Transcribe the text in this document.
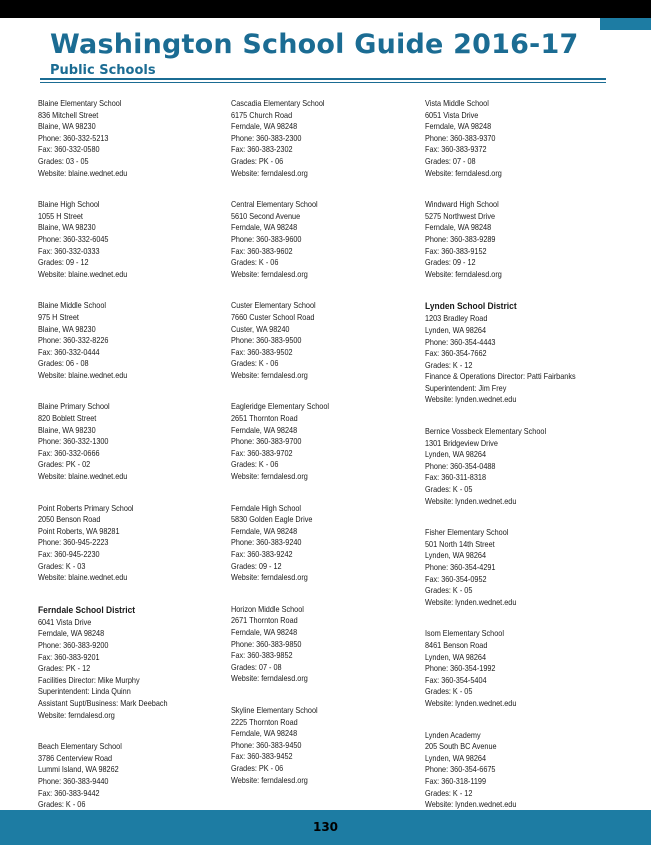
Washington School Guide 2016-17
Public Schools
Blaine Elementary School
836 Mitchell Street
Blaine, WA 98230
Phone: 360-332-5213
Fax: 360-332-0580
Grades: 03 - 05
Website: blaine.wednet.edu
Blaine High School
1055 H Street
Blaine, WA 98230
Phone: 360-332-6045
Fax: 360-332-0333
Grades: 09 - 12
Website: blaine.wednet.edu
Blaine Middle School
975 H Street
Blaine, WA 98230
Phone: 360-332-8226
Fax: 360-332-0444
Grades: 06 - 08
Website: blaine.wednet.edu
Blaine Primary School
820 Boblett Street
Blaine, WA 98230
Phone: 360-332-1300
Fax: 360-332-0666
Grades: PK - 02
Website: blaine.wednet.edu
Point Roberts Primary School
2050 Benson Road
Point Roberts, WA 98281
Phone: 360-945-2223
Fax: 360-945-2230
Grades: K - 03
Website: blaine.wednet.edu
Ferndale School District
6041 Vista Drive
Ferndale, WA 98248
Phone: 360-383-9200
Fax: 360-383-9201
Grades: PK - 12
Facilities Director: Mike Murphy
Superintendent: Linda Quinn
Assistant Supt/Business: Mark Deebach
Website: ferndalesd.org
Beach Elementary School
3786 Centerview Road
Lummi Island, WA 98262
Phone: 360-383-9440
Fax: 360-383-9442
Grades: K - 06
Cascadia Elementary School
6175 Church Road
Ferndale, WA 98248
Phone: 360-383-2300
Fax: 360-383-2302
Grades: PK - 06
Website: ferndalesd.org
Central Elementary School
5610 Second Avenue
Ferndale, WA 98248
Phone: 360-383-9600
Fax: 360-383-9602
Grades: K - 06
Website: ferndalesd.org
Custer Elementary School
7660 Custer School Road
Custer, WA 98240
Phone: 360-383-9500
Fax: 360-383-9502
Grades: K - 06
Website: ferndalesd.org
Eagleridge Elementary School
2651 Thornton Road
Ferndale, WA 98248
Phone: 360-383-9700
Fax: 360-383-9702
Grades: K - 06
Website: ferndalesd.org
Ferndale High School
5830 Golden Eagle Drive
Ferndale, WA 98248
Phone: 360-383-9240
Fax: 360-383-9242
Grades: 09 - 12
Website: ferndalesd.org
Horizon Middle School
2671 Thornton Road
Ferndale, WA 98248
Phone: 360-383-9850
Fax: 360-383-9852
Grades: 07 - 08
Website: ferndalesd.org
Skyline Elementary School
2225 Thornton Road
Ferndale, WA 98248
Phone: 360-383-9450
Fax: 360-383-9452
Grades: PK - 06
Website: ferndalesd.org
Vista Middle School
6051 Vista Drive
Ferndale, WA 98248
Phone: 360-383-9370
Fax: 360-383-9372
Grades: 07 - 08
Website: ferndalesd.org
Windward High School
5275 Northwest Drive
Ferndale, WA 98248
Phone: 360-383-9289
Fax: 360-383-9152
Grades: 09 - 12
Website: ferndalesd.org
Lynden School District
1203 Bradley Road
Lynden, WA 98264
Phone: 360-354-4443
Fax: 360-354-7662
Grades: K - 12
Finance & Operations Director: Patti Fairbanks
Superintendent: Jim Frey
Website: lynden.wednet.edu
Bernice Vossbeck Elementary School
1301 Bridgeview Drive
Lynden, WA 98264
Phone: 360-354-0488
Fax: 360-311-8318
Grades: K - 05
Website: lynden.wednet.edu
Fisher Elementary School
501 North 14th Street
Lynden, WA 98264
Phone: 360-354-4291
Fax: 360-354-0952
Grades: K - 05
Website: lynden.wednet.edu
Isom Elementary School
8461 Benson Road
Lynden, WA 98264
Phone: 360-354-1992
Fax: 360-354-5404
Grades: K - 05
Website: lynden.wednet.edu
Lynden Academy
205 South BC Avenue
Lynden, WA 98264
Phone: 360-354-6675
Fax: 360-318-1199
Grades: K - 12
Website: lynden.wednet.edu
130
